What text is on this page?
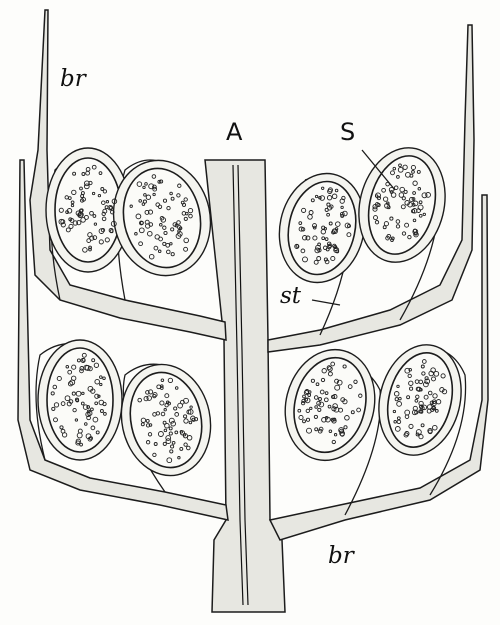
A	S
st
br
br
